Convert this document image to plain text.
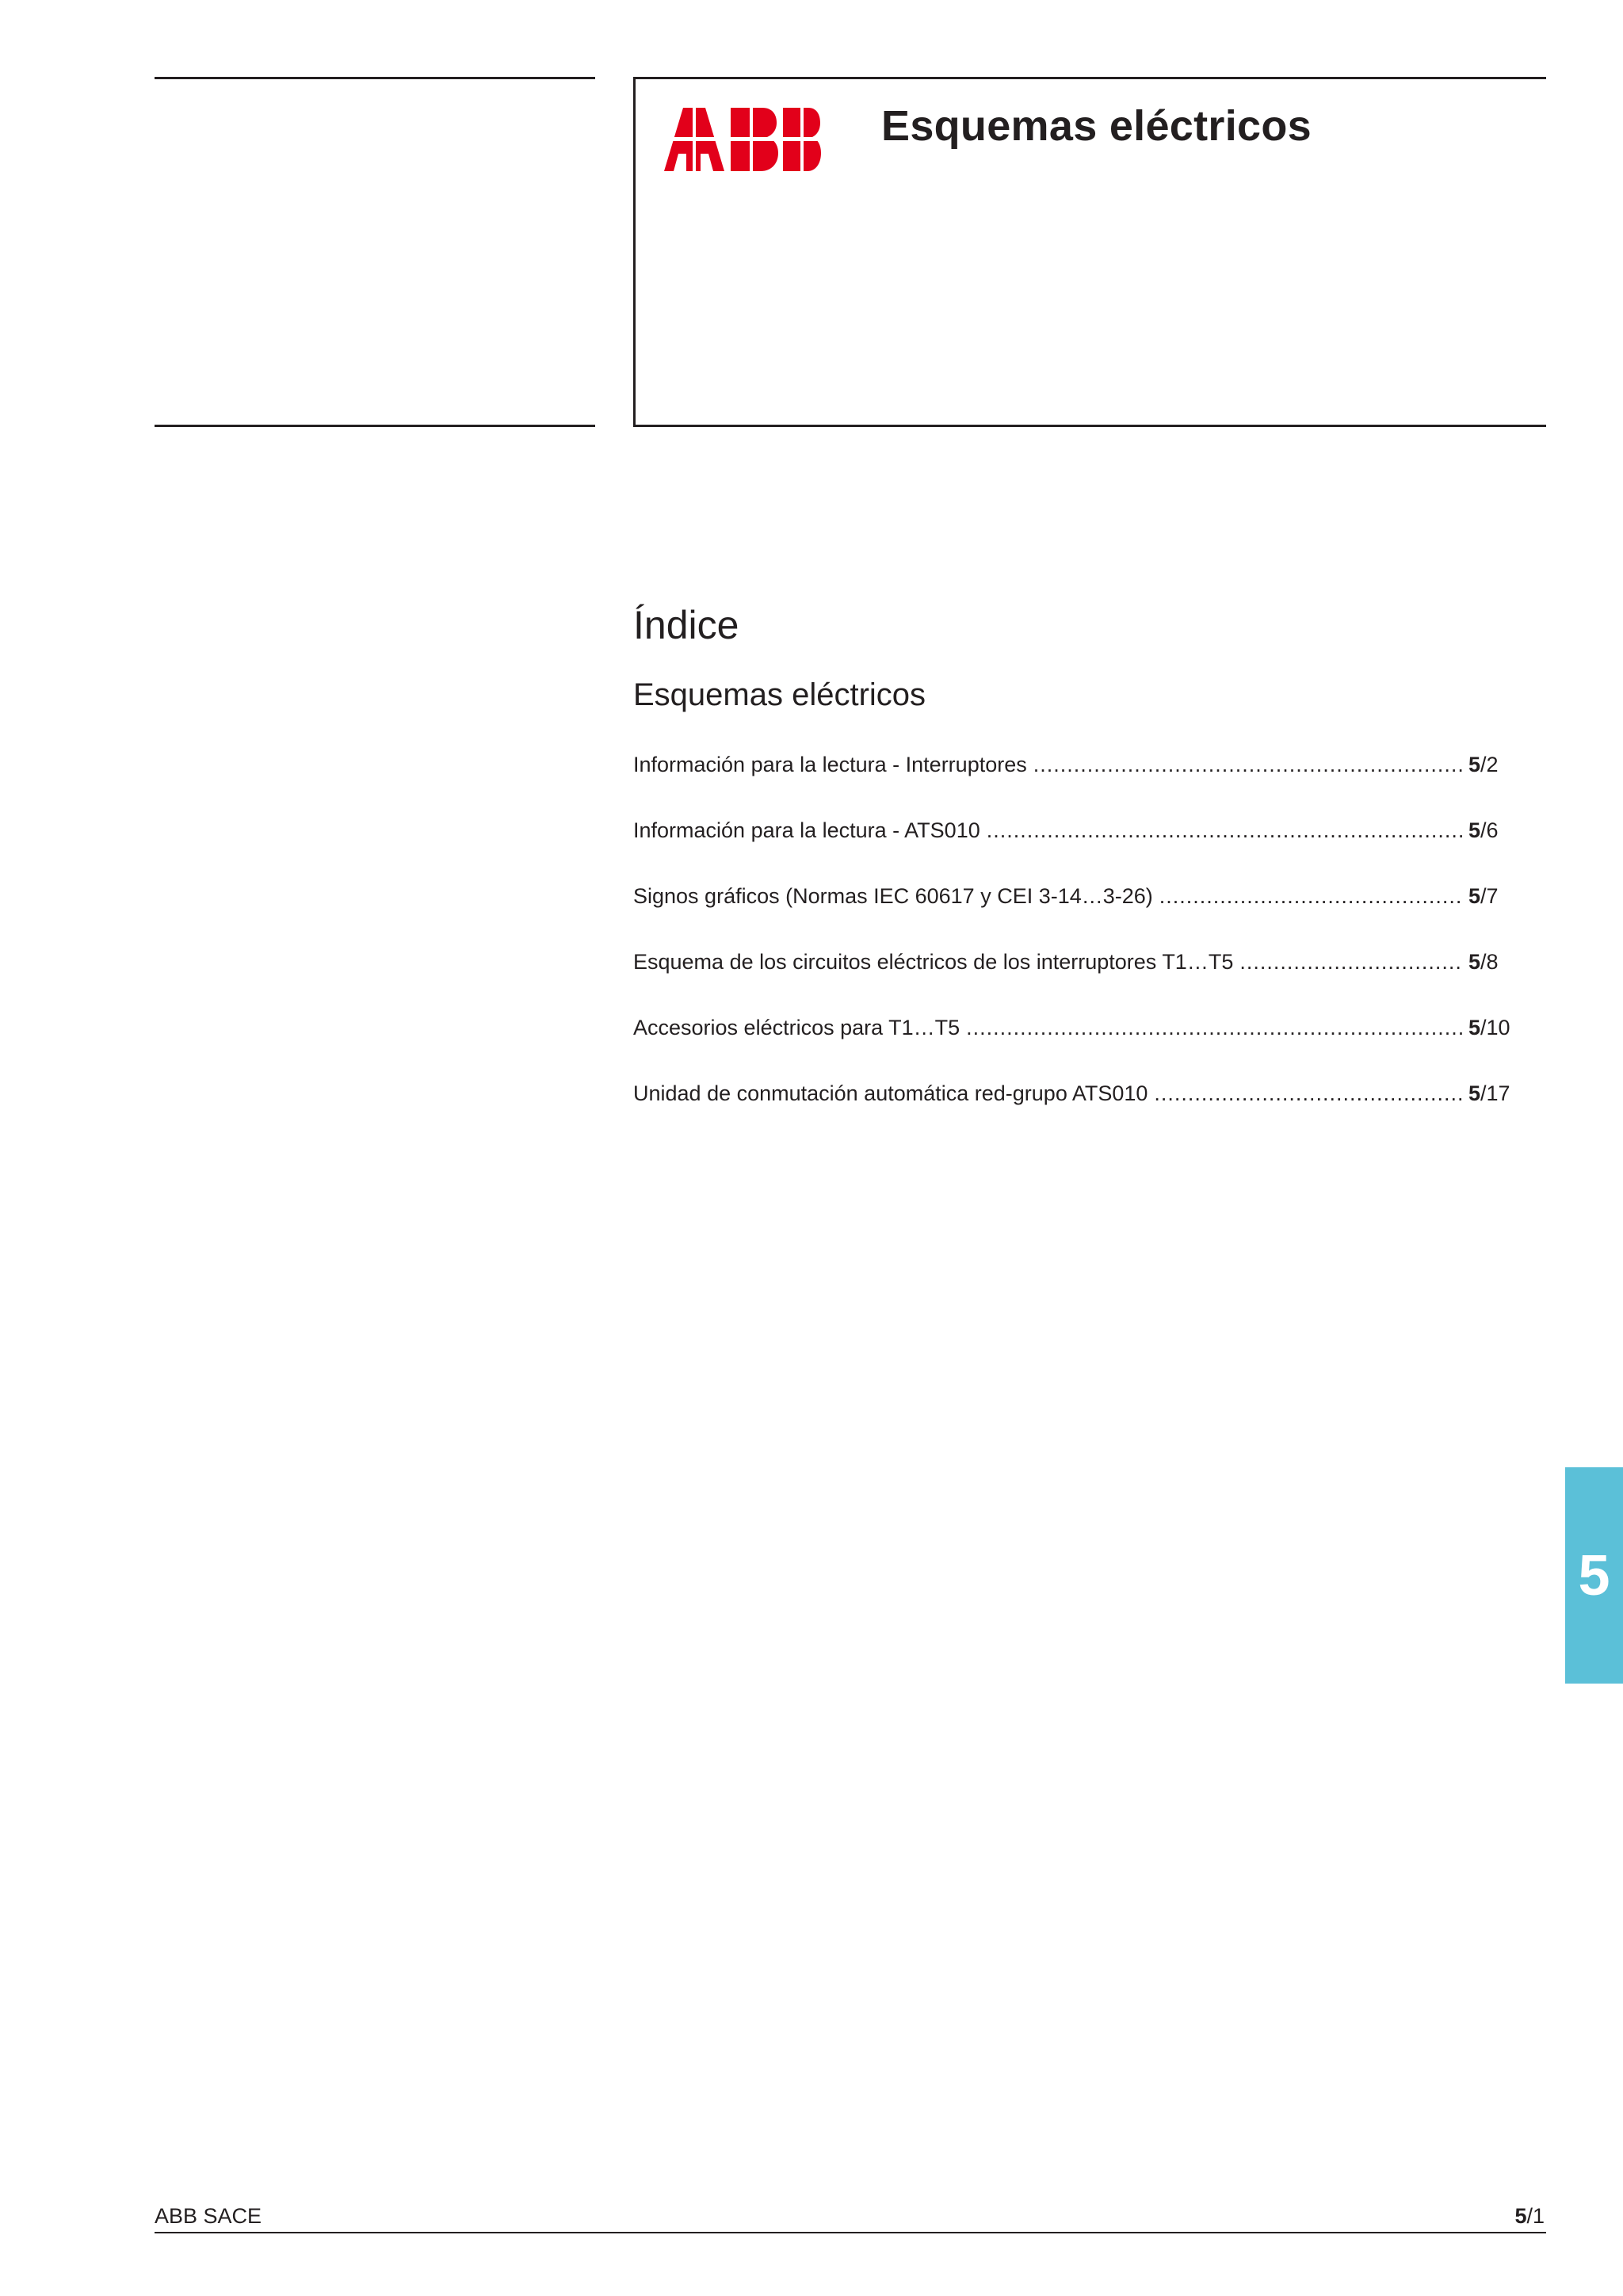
Esquemas eléctricos
Índice
Esquemas eléctricos
Información para la lectura - Interruptores .....	5/2
Información para la lectura - ATS010 .....	5/6
Signos gráficos (Normas IEC 60617 y CEI 3-14…3-26) .....	5/7
Esquema de los circuitos eléctricos de los interruptores T1…T5 .....	5/8
Accesorios eléctricos para T1…T5 .....	5/10
Unidad de conmutación automática red-grupo ATS010 .....	5/17
5
ABB SACE	5/1
